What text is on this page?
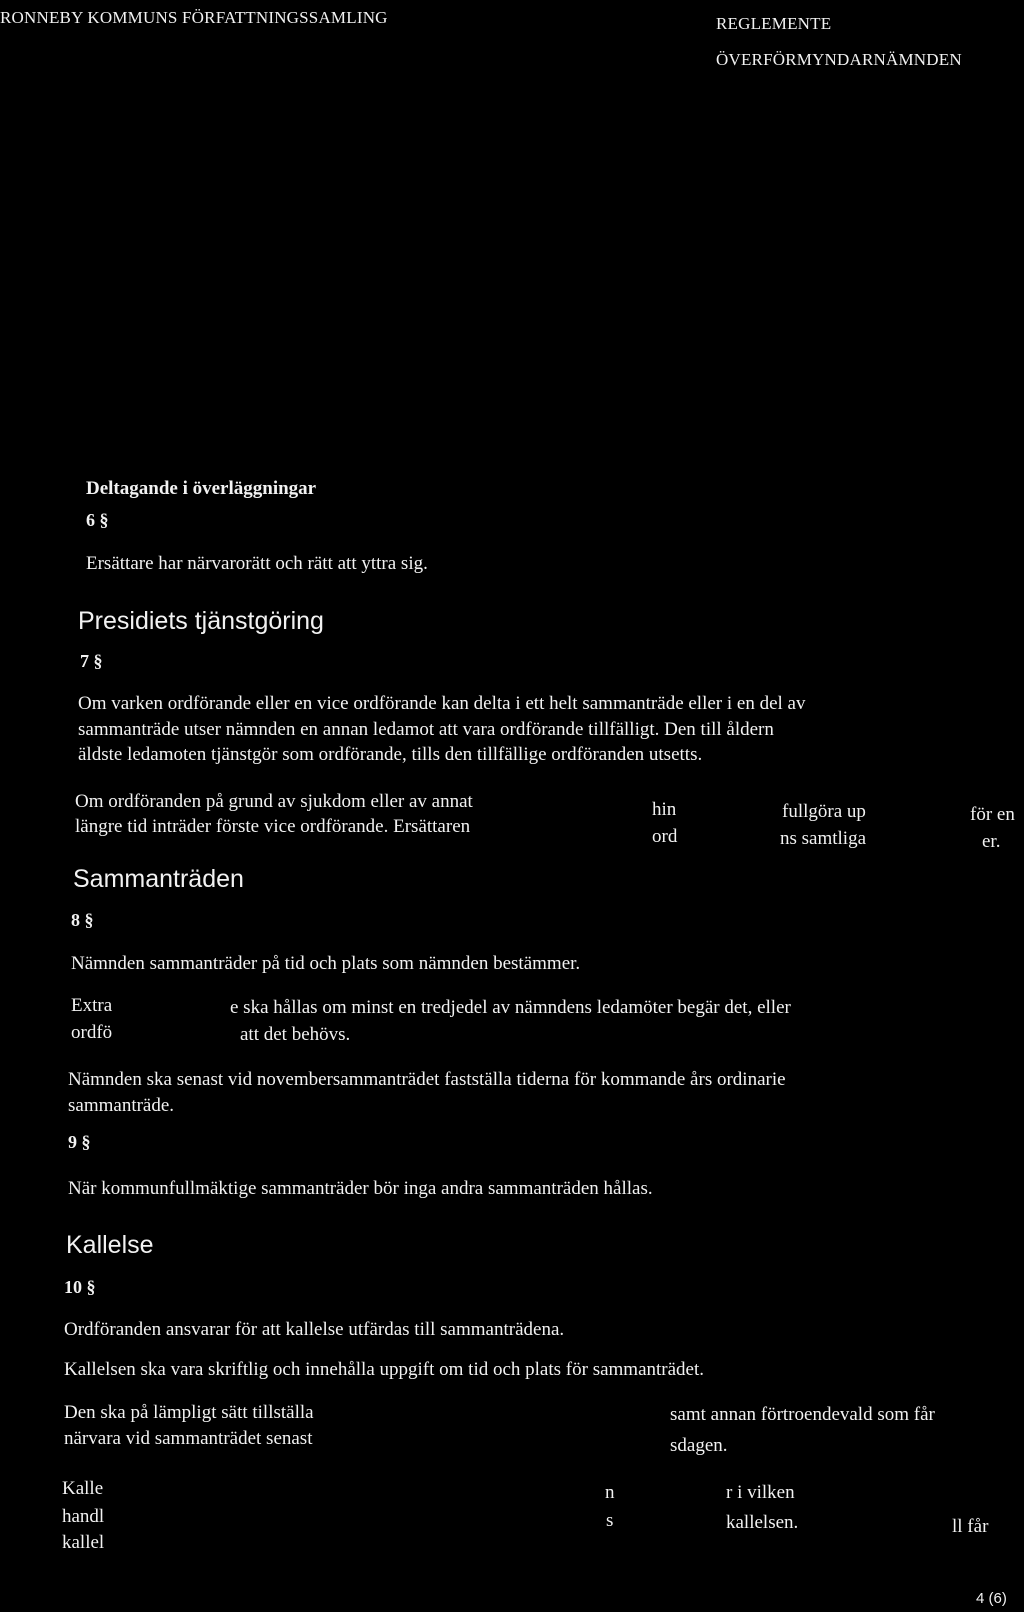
RONNEBY KOMMUNS FÖRFATTNINGSSAMLING	REGLEMENTE
ÖVERFÖRMYNDARNÄMNDEN
Deltagande i överläggningar
6 §
Ersättare har närvarorätt och rätt att yttra sig.
Presidiets tjänstgöring
7 §
Om varken ordförande eller en vice ordförande kan delta i ett helt sammanträde eller i en del av
sammanträde utser nämnden en annan ledamot att vara ordförande tillfälligt. Den till åldern
äldste ledamoten tjänstgör som ordförande, tills den tillfällige ordföranden utsetts.
Om ordföranden på grund av sjukdom eller av annat	hin	fullgöra up	för en
längre tid inträder förste vice ordförande. Ersättaren	ord	ns samtliga	er.
Sammanträden
8 §
Nämnden sammanträder på tid och plats som nämnden bestämmer.
Extra	e ska hållas om minst en tredjedel av nämndens ledamöter begär det, eller
ordfö	att det behövs.
Nämnden ska senast vid novembersammanträdet fastställa tiderna för kommande års ordinarie
sammanträde.
9 §
När kommunfullmäktige sammanträder bör inga andra sammanträden hållas.
Kallelse
10 §
Ordföranden ansvarar för att kallelse utfärdas till sammanträdena.
Kallelsen ska vara skriftlig och innehålla uppgift om tid och plats för sammanträdet.
Den ska på lämpligt sätt tillställa	samt annan förtroendevald som får
närvara vid sammanträdet senast	sdagen.
Kalle	n	r i vilken
handl	s	kallelsen.	ll får
kallel
4 (6)
